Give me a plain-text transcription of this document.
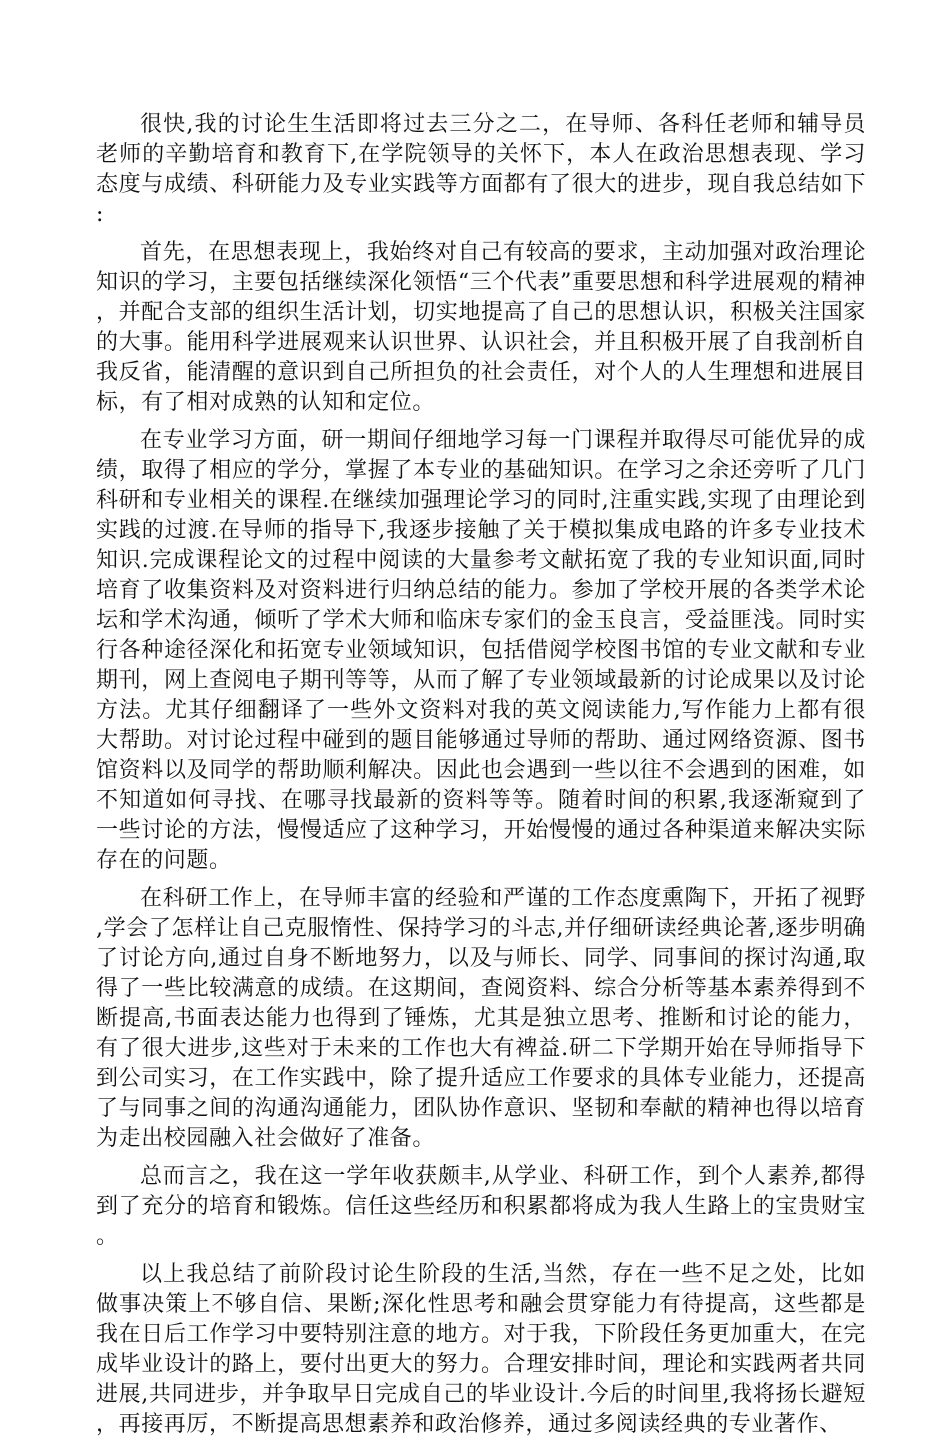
很快,我的讨论生生活即将过去三分之二，在导师、各科任老师和辅导员老师的辛勤培育和教育下,在学院领导的关怀下，本人在政治思想表现、学习态度与成绩、科研能力及专业实践等方面都有了很大的进步，现自我总结如下:

首先，在思想表现上，我始终对自己有较高的要求，主动加强对政治理论知识的学习，主要包括继续深化领悟“三个代表”重要思想和科学进展观的精神，并配合支部的组织生活计划，切实地提高了自己的思想认识，积极关注国家的大事。能用科学进展观来认识世界、认识社会，并且积极开展了自我剖析自我反省，能清醒的意识到自己所担负的社会责任，对个人的人生理想和进展目标，有了相对成熟的认知和定位。

在专业学习方面，研一期间仔细地学习每一门课程并取得尽可能优异的成绩，取得了相应的学分，掌握了本专业的基础知识。在学习之余还旁听了几门科研和专业相关的课程.在继续加强理论学习的同时,注重实践,实现了由理论到实践的过渡.在导师的指导下,我逐步接触了关于模拟集成电路的许多专业技术知识.完成课程论文的过程中阅读的大量参考文献拓宽了我的专业知识面,同时培育了收集资料及对资料进行归纳总结的能力。参加了学校开展的各类学术论坛和学术沟通，倾听了学术大师和临床专家们的金玉良言，受益匪浅。同时实行各种途径深化和拓宽专业领域知识，包括借阅学校图书馆的专业文献和专业期刊，网上查阅电子期刊等等，从而了解了专业领域最新的讨论成果以及讨论方法。尤其仔细翻译了一些外文资料对我的英文阅读能力,写作能力上都有很大帮助。对讨论过程中碰到的题目能够通过导师的帮助、通过网络资源、图书馆资料以及同学的帮助顺利解决。因此也会遇到一些以往不会遇到的困难，如不知道如何寻找、在哪寻找最新的资料等等。随着时间的积累,我逐渐窥到了一些讨论的方法，慢慢适应了这种学习，开始慢慢的通过各种渠道来解决实际存在的问题。

在科研工作上，在导师丰富的经验和严谨的工作态度熏陶下，开拓了视野,学会了怎样让自己克服惰性、保持学习的斗志,并仔细研读经典论著,逐步明确了讨论方向,通过自身不断地努力，以及与师长、同学、同事间的探讨沟通,取得了一些比较满意的成绩。在这期间，查阅资料、综合分析等基本素养得到不断提高,书面表达能力也得到了锤炼，尤其是独立思考、推断和讨论的能力，有了很大进步,这些对于未来的工作也大有裨益.研二下学期开始在导师指导下到公司实习，在工作实践中，除了提升适应工作要求的具体专业能力，还提高了与同事之间的沟通沟通能力，团队协作意识、坚韧和奉献的精神也得以培育为走出校园融入社会做好了准备。

总而言之，我在这一学年收获颇丰,从学业、科研工作，到个人素养,都得到了充分的培育和锻炼。信任这些经历和积累都将成为我人生路上的宝贵财宝。

以上我总结了前阶段讨论生阶段的生活,当然，存在一些不足之处，比如做事决策上不够自信、果断;深化性思考和融会贯穿能力有待提高，这些都是我在日后工作学习中要特别注意的地方。对于我，下阶段任务更加重大，在完成毕业设计的路上，要付出更大的努力。合理安排时间，理论和实践两者共同进展,共同进步，并争取早日完成自己的毕业设计.今后的时间里,我将扬长避短，再接再厉，不断提高思想素养和政治修养，通过多阅读经典的专业著作、
